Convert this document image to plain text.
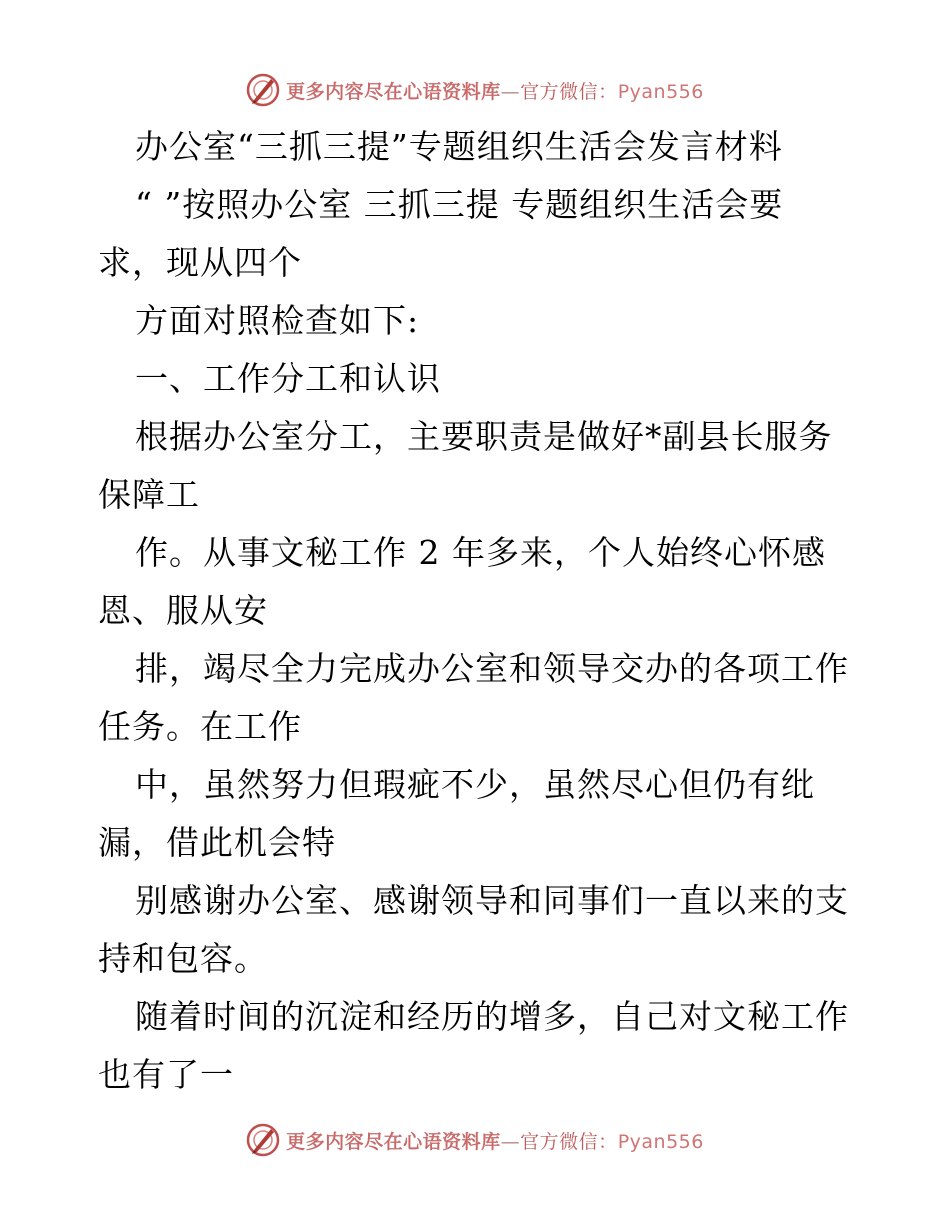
更多内容尽在心语资料库—官方微信：Pyan556
办公室“三抓三提”专题组织生活会发言材料
“ ”按照办公室 三抓三提 专题组织生活会要
求，现从四个
方面对照检查如下:
一、工作分工和认识
根据办公室分工，主要职责是做好*副县长服务
保障工
作。从事文秘工作 2 年多来，个人始终心怀感
恩、服从安
排，竭尽全力完成办公室和领导交办的各项工作
任务。在工作
中，虽然努力但瑕疵不少，虽然尽心但仍有纰
漏，借此机会特
别感谢办公室、感谢领导和同事们一直以来的支
持和包容。
随着时间的沉淀和经历的增多，自己对文秘工作
也有了一
更多内容尽在心语资料库—官方微信：Pyan556
